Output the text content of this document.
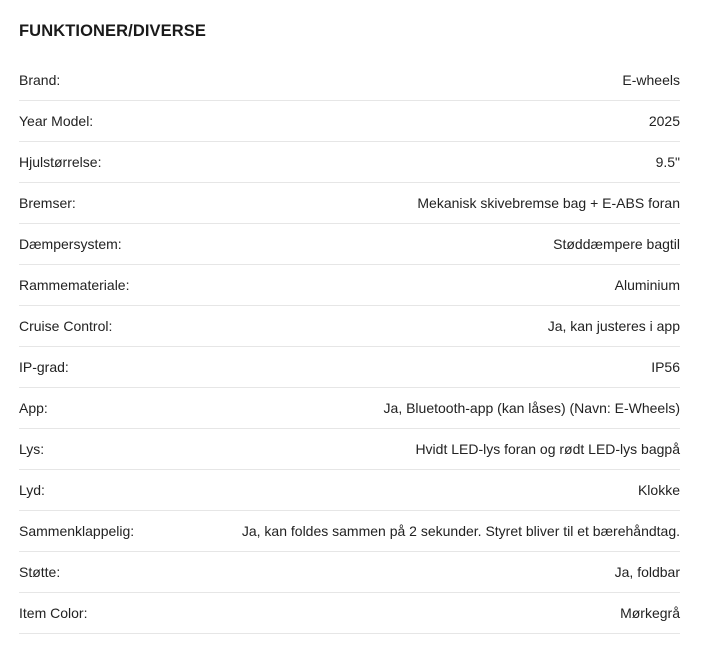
FUNKTIONER/DIVERSE
Brand:	E-wheels
Year Model:	2025
Hjulstørrelse:	9.5"
Bremser:	Mekanisk skivebremse bag + E-ABS foran
Dæmpersystem:	Støddæmpere bagtil
Rammemateriale:	Aluminium
Cruise Control:	Ja, kan justeres i app
IP-grad:	IP56
App:	Ja, Bluetooth-app (kan låses) (Navn: E-Wheels)
Lys:	Hvidt LED-lys foran og rødt LED-lys bagpå
Lyd:	Klokke
Sammenklappelig:	Ja, kan foldes sammen på 2 sekunder. Styret bliver til et bærehåndtag.
Støtte:	Ja, foldbar
Item Color:	Mørkegrå
